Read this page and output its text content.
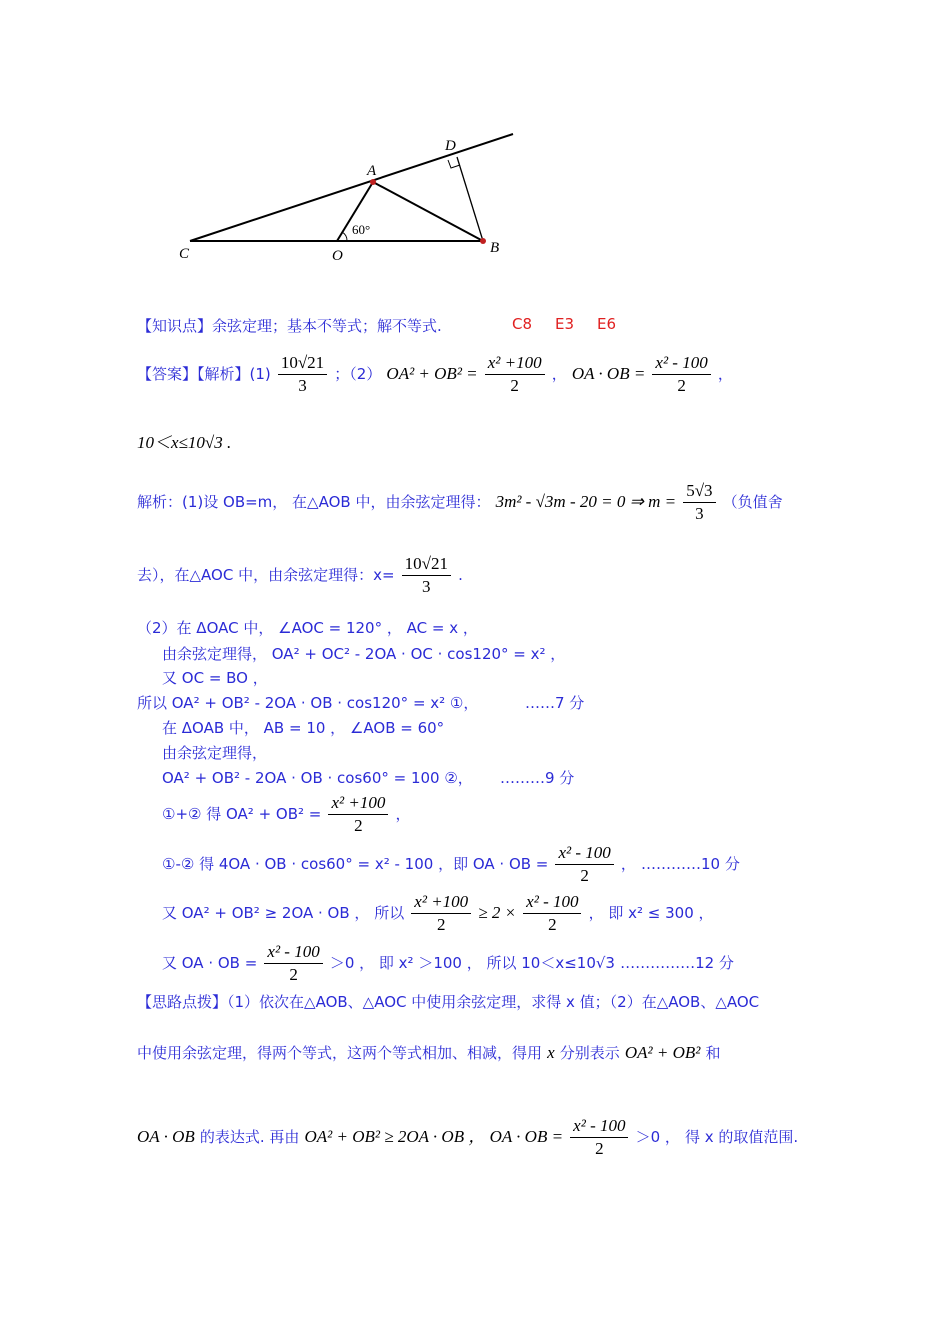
A
D
C	O	B
60°
【知识点】余弦定理；基本不等式；解不等式.	C8 E3 E6
【答案】【解析】$(1) \frac{10√21}{3}$ ；（2） $OA^2 + OB^2 = \frac{\text{x² +100}}{2}$ ， OA · OB = $\frac{\text{x² - 100}}{2}$ ，
10＜x≤10√3 .
解析：(1)设 OB=m， 在△AOB 中，由余弦定理得： 3m² - √3m - 20 = 0 ⇒ $m = \frac{5√3}{3}$ （负值舍
去），在△AOC 中，由余弦定理得：$x= \frac{10√21}{3}$ .
（2）在 ΔOAC 中， ∠AOC = 120° ， AC = x ，
由余弦定理得， OA² + OC² - 2OA · OC · cos120° = x² ，
又 OC = BO ，
所以 OA² + OB² - 2OA · OB · cos120° = x² ①，	……7 分
在 ΔOAB 中， AB = 10 ， ∠AOB = 60°
由余弦定理得，
OA² + OB² - 2OA · OB · cos60° = 100 ②， ………9 分
①+② 得 $OA^2 + OB^2 = \frac{\text{x² +100}}{2}$ ，
①-② 得 4OA · OB · cos60° = x² - 100 ，即 OA · OB = $\frac{\text{x² - 100}}{2}$ ， …………10 分
又 OA² + OB² ≥ 2OA · OB ， 所以 $\frac{\text{x² +100}}{2} \ge 2 \times \frac{\text{x² - 100}}{2}$ ， 即 x² ≤ 300 ，
又 OA · OB = $\frac{\text{x² - 100}}{2} >0$ ， 即 x² ＞100 ， 所以 10＜x≤10√3 ……………12 分
【思路点拨】（1）依次在△AOB、△AOC 中使用余弦定理，求得 x 值；（2）在△AOB、△AOC
中使用余弦定理，得两个等式，这两个等式相加、相减，得用 x 分别表示 OA² + OB² 和
OA · OB 的表达式. 再由 OA² + OB² ≥ 2OA · OB ， OA · OB = $\frac{\text{x² - 100}}{2} >0$ ， 得 x 的取值范围.
